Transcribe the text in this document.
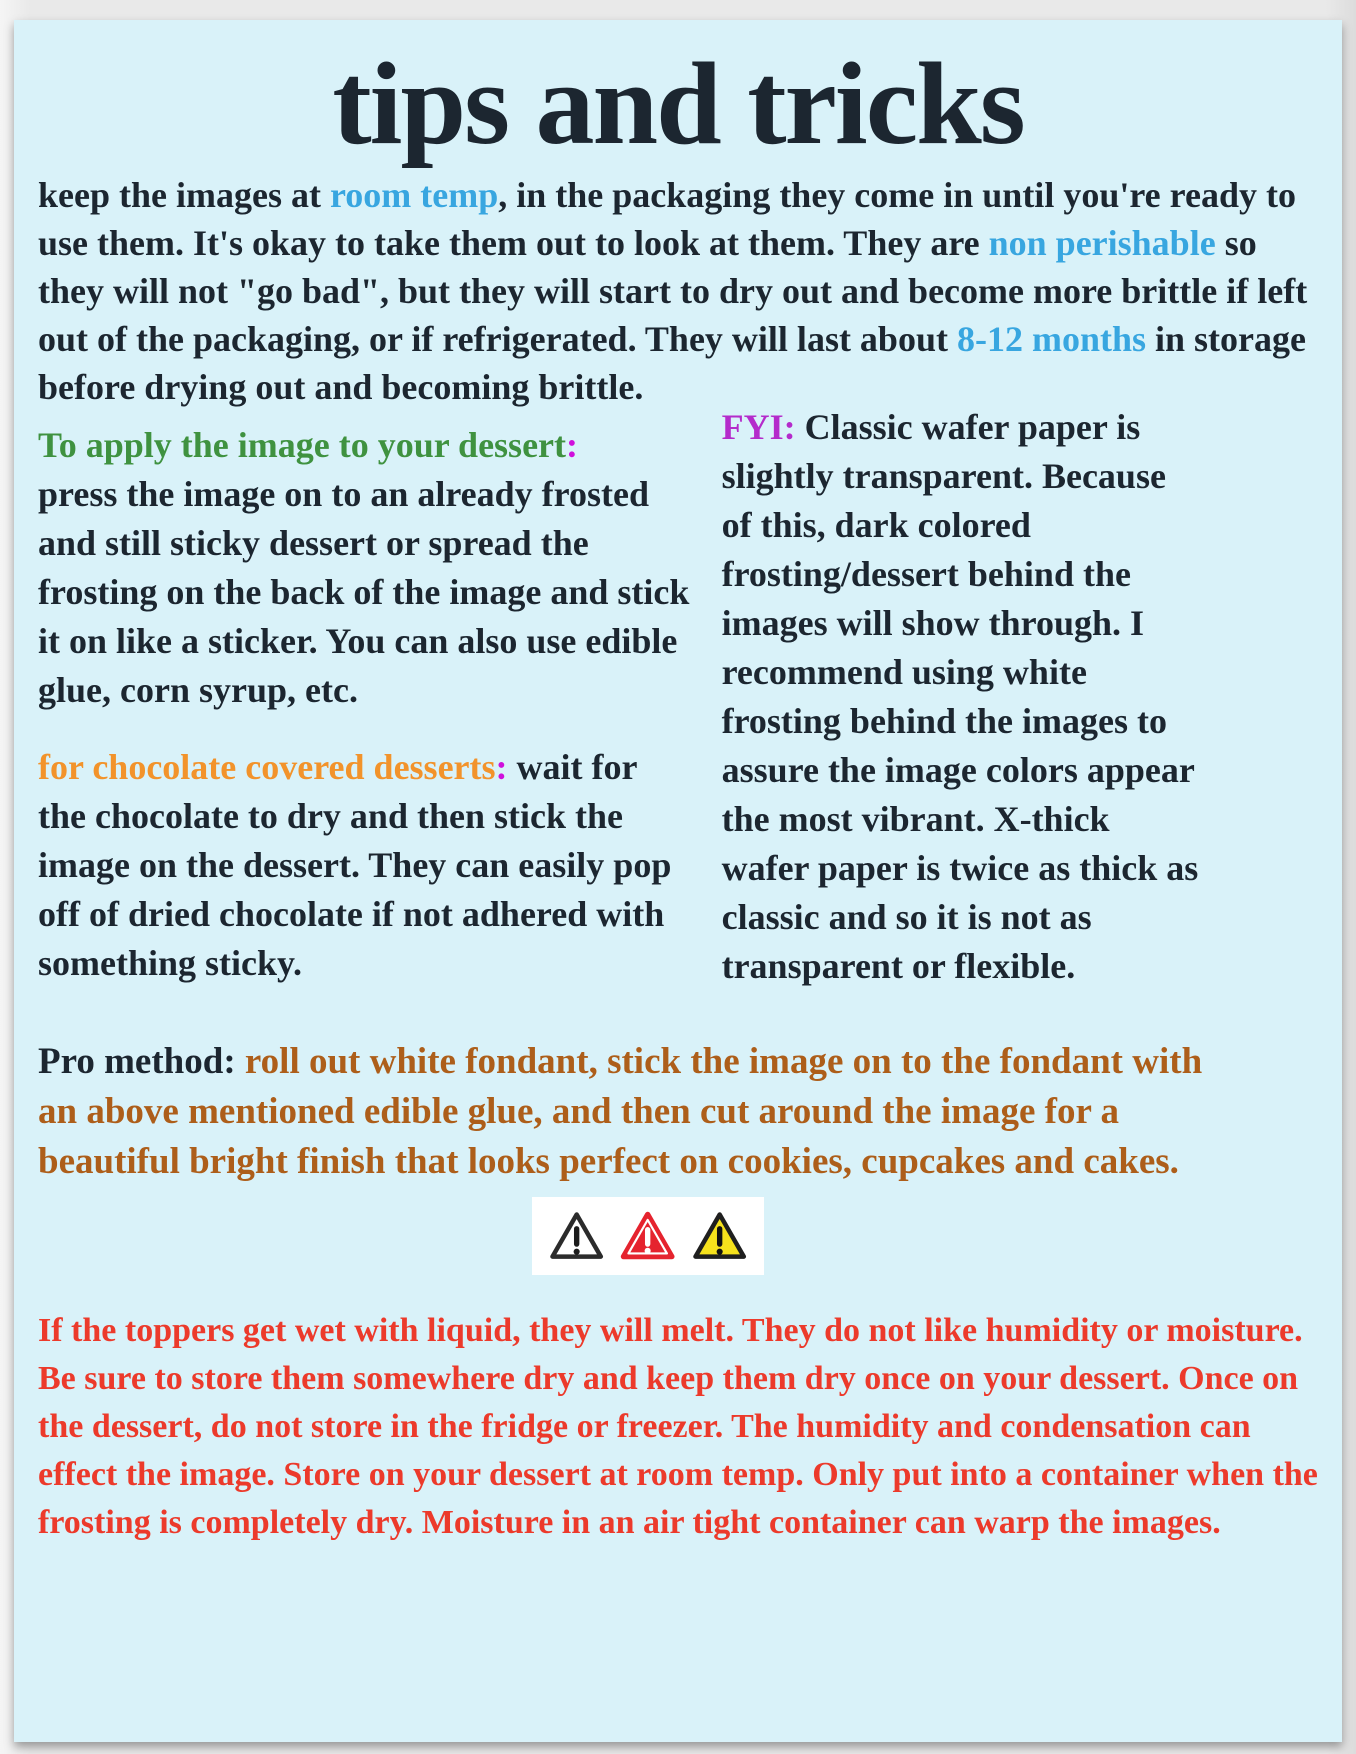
tips and tricks

keep the images at room temp, in the packaging they come in until you're ready to use them. It's okay to take them out to look at them. They are non perishable so they will not "go bad", but they will start to dry out and become more brittle if left out of the packaging, or if refrigerated. They will last about 8-12 months in storage before drying out and becoming brittle.

To apply the image to your dessert:
press the image on to an already frosted and still sticky dessert or spread the frosting on the back of the image and stick it on like a sticker. You can also use edible glue, corn syrup, etc.

for chocolate covered desserts: wait for the chocolate to dry and then stick the image on the dessert. They can easily pop off of dried chocolate if not adhered with something sticky.

FYI: Classic wafer paper is slightly transparent. Because of this, dark colored frosting/dessert behind the images will show through. I recommend using white frosting behind the images to assure the image colors appear the most vibrant. X-thick wafer paper is twice as thick as classic and so it is not as transparent or flexible.

Pro method: roll out white fondant, stick the image on to the fondant with an above mentioned edible glue, and then cut around the image for a beautiful bright finish that looks perfect on cookies, cupcakes and cakes.

If the toppers get wet with liquid, they will melt. They do not like humidity or moisture. Be sure to store them somewhere dry and keep them dry once on your dessert. Once on the dessert, do not store in the fridge or freezer. The humidity and condensation can effect the image. Store on your dessert at room temp. Only put into a container when the frosting is completely dry. Moisture in an air tight container can warp the images.
